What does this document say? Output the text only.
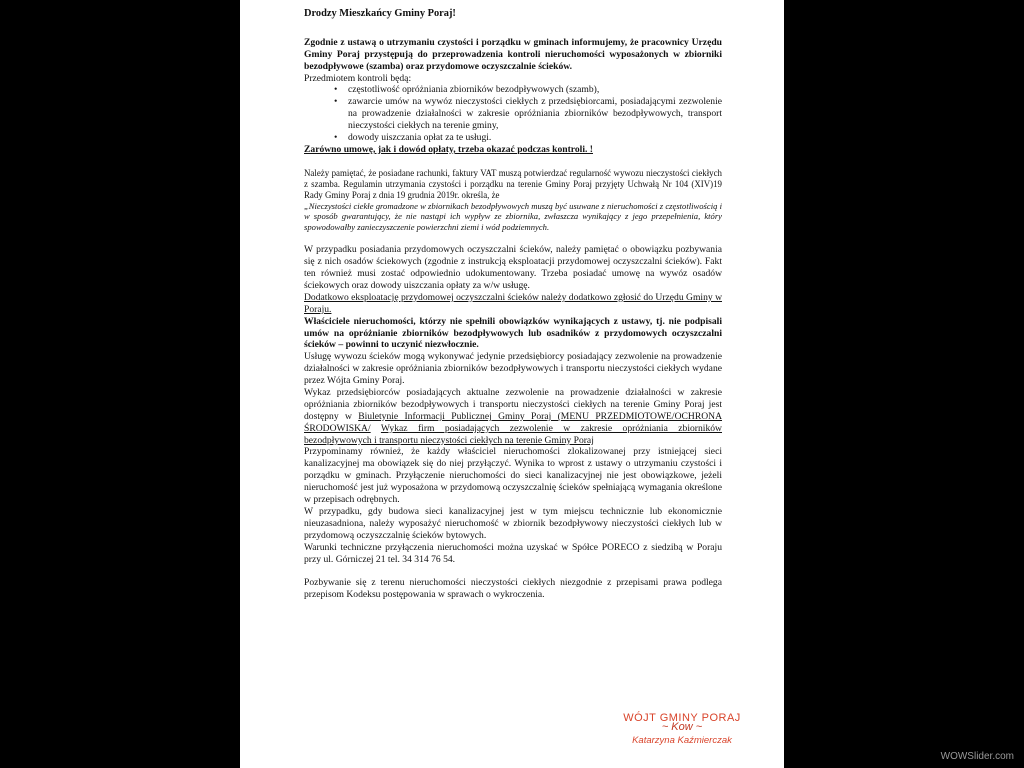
Drodzy Mieszkańcy Gminy Poraj!

Zgodnie z ustawą o utrzymaniu czystości i porządku w gminach informujemy, że pracownicy Urzędu Gminy Poraj przystępują do przeprowadzenia kontroli nieruchomości wyposażonych w zbiorniki bezodpływowe (szamba) oraz przydomowe oczyszczalnie ścieków.

Przedmiotem kontroli będą:

• częstotliwość opróżniania zbiorników bezodpływowych (szamb),
• zawarcie umów na wywóz nieczystości ciekłych z przedsiębiorcami, posiadającymi zezwolenie na prowadzenie działalności w zakresie opróżniania zbiorników bezodpływowych, transport nieczystości ciekłych na terenie gminy,
• dowody uiszczania opłat za te usługi.

Zarówno umowę, jak i dowód opłaty, trzeba okazać podczas kontroli. !

Należy pamiętać, że posiadane rachunki, faktury VAT muszą potwierdzać regularność wywozu nieczystości ciekłych z szamba. Regulamin utrzymania czystości i porządku na terenie Gminy Poraj przyjęty Uchwałą Nr 104 (XIV)19 Rady Gminy Poraj z dnia 19 grudnia 2019r. określa, że

„Nieczystości ciekłe gromadzone w zbiornikach bezodpływowych muszą być usuwane z nieruchomości z częstotliwością i w sposób gwarantujący, że nie nastąpi ich wypływ ze zbiornika, zwłaszcza wynikający z jego przepełnienia, który spowodowałby zanieczyszczenie powierzchni ziemi i wód podziemnych.

W przypadku posiadania przydomowych oczyszczalni ścieków, należy pamiętać o obowiązku pozbywania się z nich osadów ściekowych (zgodnie z instrukcją eksploatacji przydomowej oczyszczalni ścieków). Fakt ten również musi zostać odpowiednio udokumentowany. Trzeba posiadać umowę na wywóz osadów ściekowych oraz dowody uiszczania opłaty za w/w usługę.

Dodatkowo eksploatację przydomowej oczyszczalni ścieków należy dodatkowo zgłosić do Urzędu Gminy w Poraju.

Właściciele nieruchomości, którzy nie spełnili obowiązków wynikających z ustawy, tj. nie podpisali umów na opróżnianie zbiorników bezodpływowych lub osadników z przydomowych oczyszczalni ścieków – powinni to uczynić niezwłocznie.

Usługę wywozu ścieków mogą wykonywać jedynie przedsiębiorcy posiadający zezwolenie na prowadzenie działalności w zakresie opróżniania zbiorników bezodpływowych i transportu nieczystości ciekłych wydane przez Wójta Gminy Poraj.

Wykaz przedsiębiorców posiadających aktualne zezwolenie na prowadzenie działalności w zakresie opróżniania zbiorników bezodpływowych i transportu nieczystości ciekłych na terenie Gminy Poraj jest dostępny w Biuletynie Informacji Publicznej Gminy Poraj (MENU PRZEDMIOTOWE/OCHRONA ŚRODOWISKA/ Wykaz firm posiadających zezwolenie w zakresie opróżniania zbiorników bezodpływowych i transportu nieczystości ciekłych na terenie Gminy Poraj

Przypominamy również, że każdy właściciel nieruchomości zlokalizowanej przy istniejącej sieci kanalizacyjnej ma obowiązek się do niej przyłączyć. Wynika to wprost z ustawy o utrzymaniu czystości i porządku w gminach. Przyłączenie nieruchomości do sieci kanalizacyjnej nie jest obowiązkowe, jeżeli nieruchomość jest już wyposażona w przydomową oczyszczalnię ścieków spełniającą wymagania określone w przepisach odrębnych.

W przypadku, gdy budowa sieci kanalizacyjnej jest w tym miejscu technicznie lub ekonomicznie nieuzasadniona, należy wyposażyć nieruchomość w zbiornik bezodpływowy nieczystości ciekłych lub w przydomową oczyszczalnię ścieków bytowych.

Warunki techniczne przyłączenia nieruchomości można uzyskać w Spółce PORECO z siedzibą w Poraju przy ul. Górniczej 21 tel. 34 314 76 54.

Pozbywanie się z terenu nieruchomości nieczystości ciekłych niezgodnie z przepisami prawa podlega przepisom Kodeksu postępowania w sprawach o wykroczenia.

WÓJT GMINY PORAJ
~ Kow ~
Katarzyna Kaźmierczak
WOWSlider.com
